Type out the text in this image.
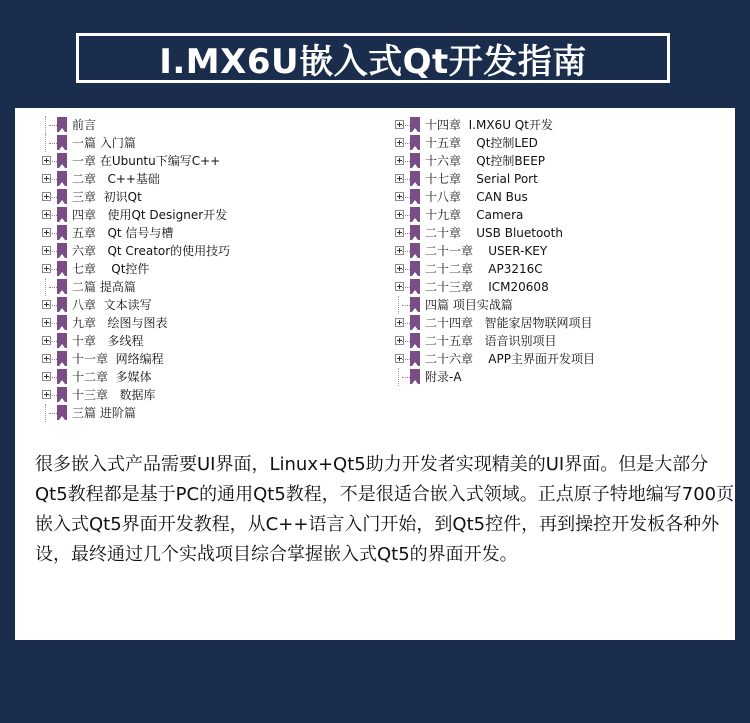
I.MX6U嵌入式Qt开发指南
前言
一篇 入门篇
一章 在Ubuntu下编写C++
二章   C++基础
三章  初识Qt
四章   使用Qt Designer开发
五章   Qt 信号与槽
六章   Qt Creator的使用技巧
七章    Qt控件
二篇 提高篇
八章  文本读写
九章   绘图与图表
十章   多线程
十一章  网络编程
十二章  多媒体
十三章   数据库
三篇 进阶篇
十四章  I.MX6U Qt开发
十五章    Qt控制LED
十六章    Qt控制BEEP
十七章    Serial Port
十八章    CAN Bus
十九章    Camera
二十章    USB Bluetooth
二十一章    USER-KEY
二十二章    AP3216C
二十三章    ICM20608
四篇 项目实战篇
二十四章   智能家居物联网项目
二十五章   语音识别项目
二十六章    APP主界面开发项目
附录-A
很多嵌入式产品需要UI界面，Linux+Qt5助力开发者实现精美的UI界面。但是大部分Qt5教程都是基于PC的通用Qt5教程，不是很适合嵌入式领域。正点原子特地编写700页嵌入式Qt5界面开发教程，从C++语言入门开始，到Qt5控件，再到操控开发板各种外设，最终通过几个实战项目综合掌握嵌入式Qt5的界面开发。
